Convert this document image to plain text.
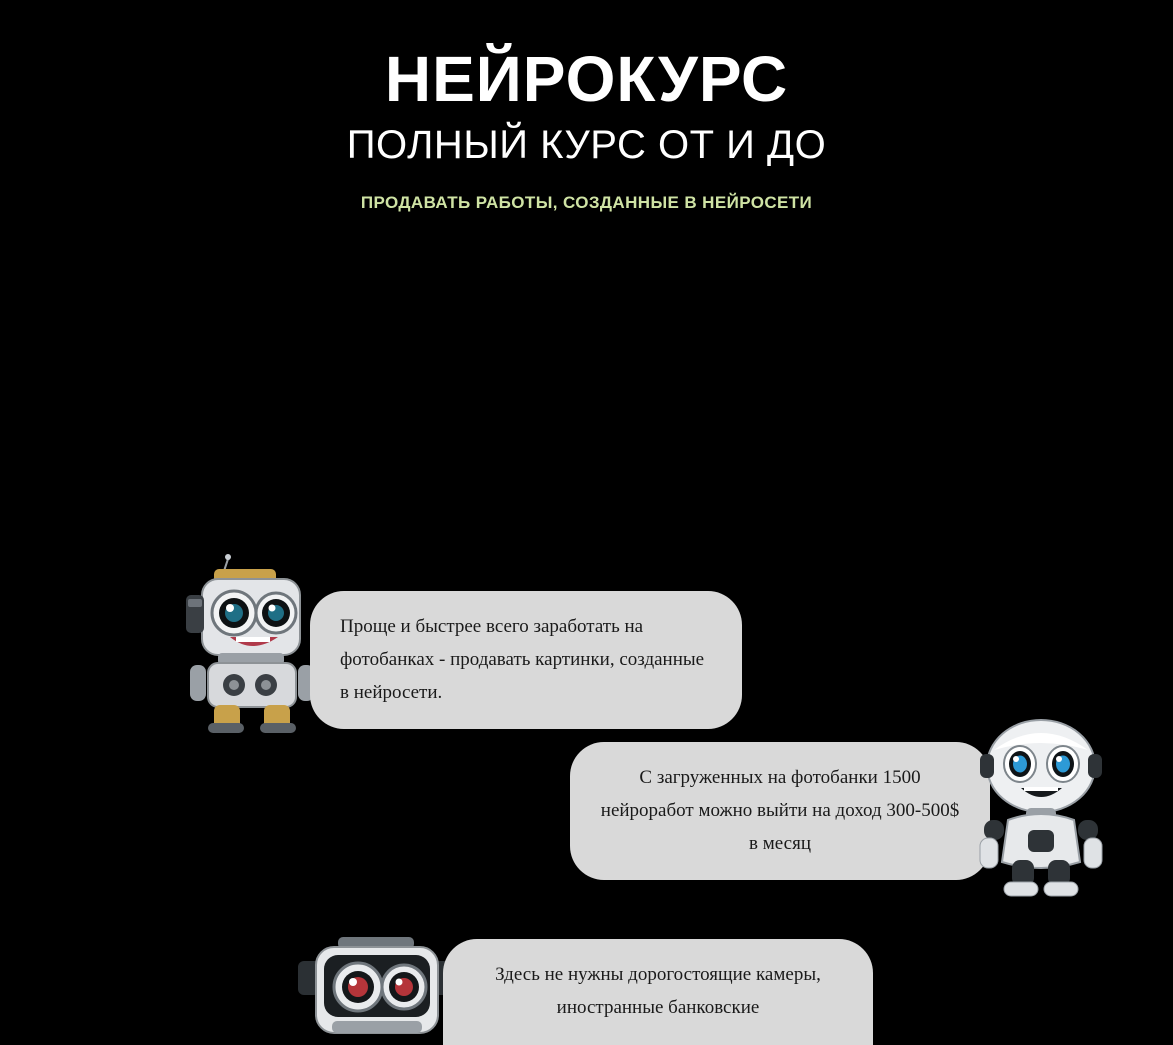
НЕЙРОКУРС
ПОЛНЫЙ КУРС ОТ И ДО

ПРОДАВАТЬ РАБОТЫ, СОЗДАННЫЕ В НЕЙРОСЕТИ

Проще и быстрее всего заработать на фотобанках - продавать картинки, созданные в нейросети.
С загруженных на фотобанки 1500 нейроработ можно выйти на доход 300-500$ в месяц
Здесь не нужны дорогостоящие камеры, иностранные банковские
